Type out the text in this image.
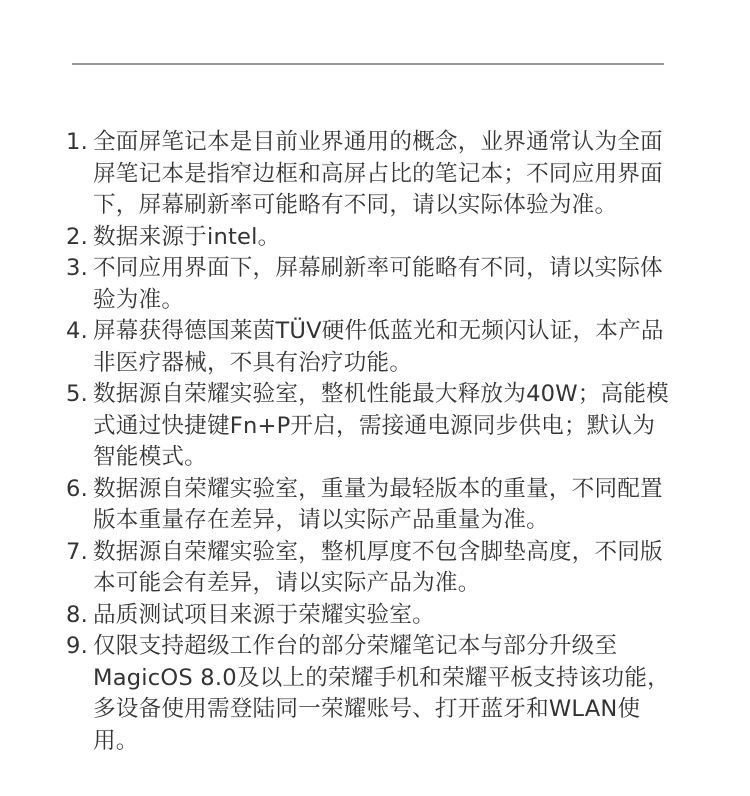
1. 全面屏笔记本是目前业界通用的概念，业界通常认为全面屏笔记本是指窄边框和高屏占比的笔记本；不同应用界面下，屏幕刷新率可能略有不同，请以实际体验为准。
2. 数据来源于intel。
3. 不同应用界面下，屏幕刷新率可能略有不同，请以实际体验为准。
4. 屏幕获得德国莱茵TÜV硬件低蓝光和无频闪认证，本产品非医疗器械，不具有治疗功能。
5. 数据源自荣耀实验室，整机性能最大释放为40W；高能模式通过快捷键Fn+P开启，需接通电源同步供电；默认为智能模式。
6. 数据源自荣耀实验室，重量为最轻版本的重量，不同配置版本重量存在差异，请以实际产品重量为准。
7. 数据源自荣耀实验室，整机厚度不包含脚垫高度，不同版本可能会有差异，请以实际产品为准。
8. 品质测试项目来源于荣耀实验室。
9. 仅限支持超级工作台的部分荣耀笔记本与部分升级至MagicOS 8.0及以上的荣耀手机和荣耀平板支持该功能，多设备使用需登陆同一荣耀账号、打开蓝牙和WLAN使用。
